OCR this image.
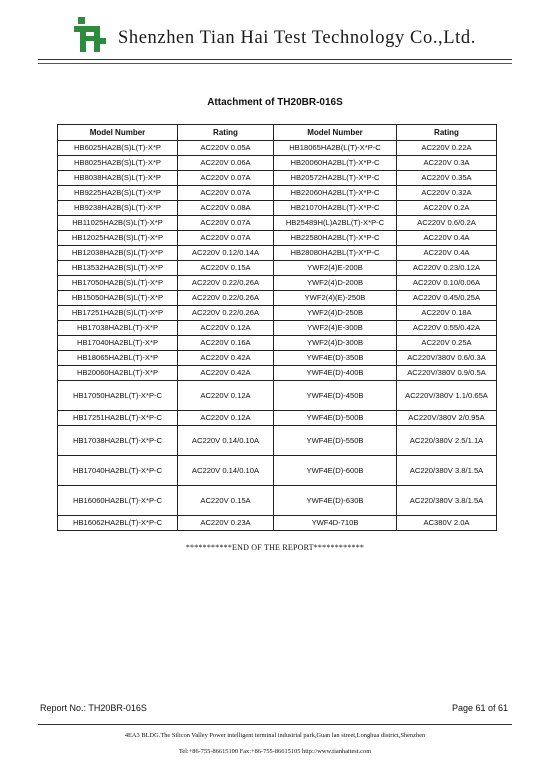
Shenzhen Tian Hai Test Technology Co.,Ltd.
Attachment of TH20BR-016S
Model Number	Rating	Model Number	Rating
HB6025HA2B(S)L(T)-X*P	AC220V 0.05A	HB18065HA2B(L(T)-X*P-C	AC220V 0.22A
HB8025HA2B(S)L(T)-X*P	AC220V 0.06A	HB20060HA2BL(T)-X*P-C	AC220V 0.3A
HB8038HA2B(S)L(T)-X*P	AC220V 0.07A	HB20572HA2BL(T)-X*P-C	AC220V 0.35A
HB9225HA2B(S)L(T)-X*P	AC220V 0.07A	HB22060HA2BL(T)-X*P-C	AC220V 0.32A
HB9238HA2B(S)L(T)-X*P	AC220V 0.08A	HB21070HA2BL(T)-X*P-C	AC220V 0.2A
HB11025HA2B(S)L(T)-X*P	AC220V 0.07A	HB25489H(L)A2BL(T)-X*P-C	AC220V 0.6/0.2A
HB12025HA2B(S)L(T)-X*P	AC220V 0.07A	HB22580HA2BL(T)-X*P-C	AC220V 0.4A
HB12038HA2B(S)L(T)-X*P	AC220V 0.12/0.14A	HB28080HA2BL(T)-X*P-C	AC220V 0.4A
HB13532HA2B(S)L(T)-X*P	AC220V 0.15A	YWF2(4)E-200B	AC220V 0.23/0.12A
HB17050HA2B(S)L(T)-X*P	AC220V 0.22/0.26A	YWF2(4)D-200B	AC220V 0.10/0.06A
HB15050HA2B(S)L(T)-X*P	AC220V 0.22/0.26A	YWF2(4)(E)-250B	AC220V 0.45/0.25A
HB17251HA2B(S)L(T)-X*P	AC220V 0.22/0.26A	YWF2(4)D-250B	AC220V 0.18A
HB17038HA2BL(T)-X*P	AC220V 0.12A	YWF2(4)E-300B	AC220V 0.55/0.42A
HB17040HA2BL(T)-X*P	AC220V 0.16A	YWF2(4)D-300B	AC220V 0.25A
HB18065HA2BL(T)-X*P	AC220V 0.42A	YWF4E(D)-350B	AC220V/380V 0.6/0.3A
HB20060HA2BL(T)-X*P	AC220V 0.42A	YWF4E(D)-400B	AC220V/380V 0.9/0.5A
HB17050HA2BL(T)-X*P-C	AC220V 0.12A	YWF4E(D)-450B	AC220V/380V 1.1/0.65A
HB17251HA2BL(T)-X*P-C	AC220V 0.12A	YWF4E(D)-500B	AC220V/380V 2/0.95A
HB17038HA2BL(T)-X*P-C	AC220V 0.14/0.10A	YWF4E(D)-550B	AC220/380V 2.5/1.1A
HB17040HA2BL(T)-X*P-C	AC220V 0.14/0.10A	YWF4E(D)-600B	AC220/380V 3.8/1.5A
HB16060HA2BL(T)-X*P-C	AC220V 0.15A	YWF4E(D)-630B	AC220/380V 3.8/1.5A
HB16062HA2BL(T)-X*P-C	AC220V 0.23A	YWF4D-710B	AC380V 2.0A
***********END OF THE REPORT************
Report No.: TH20BR-016S	Page 61 of 61
4EA3 BLDG.The Silicon Valley Power intelligent terminal industrial park,Guan lan street,Longhua district,Shenzhen
Tel:+86-755-86615100 Fax:+86-755-86615105 http://www.tianhaitest.com
